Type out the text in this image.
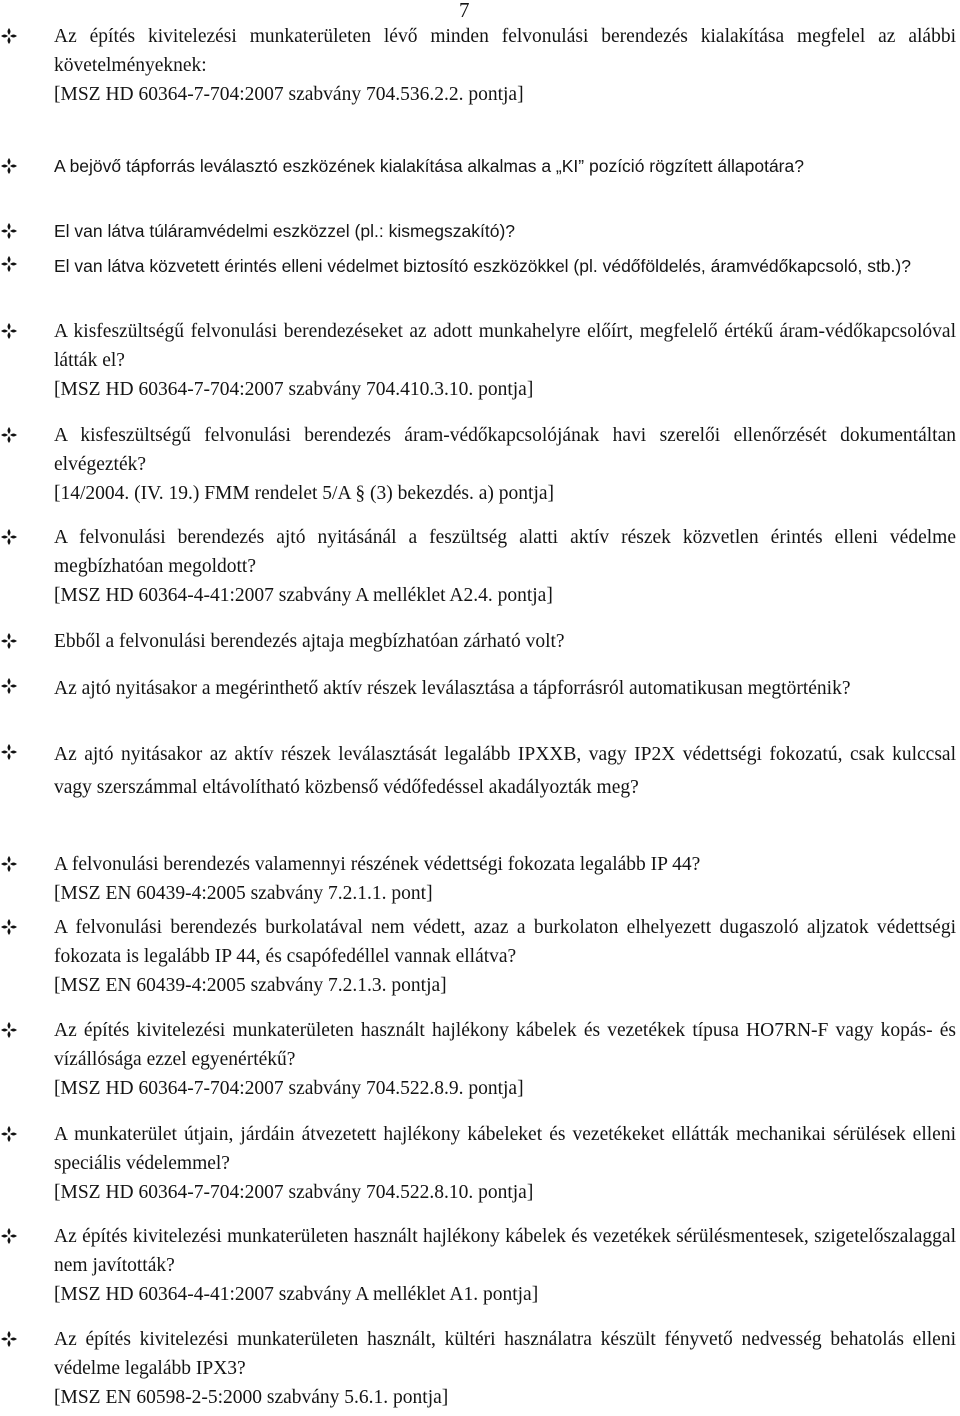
7
Az építés kivitelezési munkaterületen lévő minden felvonulási berendezés kialakítása megfelel az alábbi követelményeknek:
[MSZ HD 60364-7-704:2007 szabvány 704.536.2.2. pontja]
A bejövő tápforrás leválasztó eszközének kialakítása alkalmas a „KI” pozíció rögzített állapotára?
El van látva túláramvédelmi eszközzel (pl.: kismegszakító)?
El van látva közvetett érintés elleni védelmet biztosító eszközökkel (pl. védőföldelés, áramvédőkapcsoló, stb.)?
A kisfeszültségű felvonulási berendezéseket az adott munkahelyre előírt, megfelelő értékű áram-védőkapcsolóval látták el?
[MSZ HD 60364-7-704:2007 szabvány 704.410.3.10. pontja]
A kisfeszültségű felvonulási berendezés áram-védőkapcsolójának havi szerelői ellenőrzését dokumentáltan elvégezték?
[14/2004. (IV. 19.) FMM rendelet 5/A § (3) bekezdés. a) pontja]
A felvonulási berendezés ajtó nyitásánál a feszültség alatti aktív részek közvetlen érintés elleni védelme megbízhatóan megoldott?
[MSZ HD 60364-4-41:2007 szabvány A melléklet A2.4. pontja]
Ebből a felvonulási berendezés ajtaja megbízhatóan zárható volt?
Az ajtó nyitásakor a megérinthető aktív részek leválasztása a tápforrásról automatikusan megtörténik?
Az ajtó nyitásakor az aktív részek leválasztását legalább IPXXB, vagy IP2X védettségi fokozatú, csak kulccsal vagy szerszámmal eltávolítható közbenső védőfedéssel akadályozták meg?
A felvonulási berendezés valamennyi részének védettségi fokozata legalább IP 44?
[MSZ EN 60439-4:2005 szabvány 7.2.1.1. pont]
A felvonulási berendezés burkolatával nem védett, azaz a burkolaton elhelyezett dugaszoló aljzatok védettségi fokozata is legalább IP 44, és csapófedéllel vannak ellátva?
[MSZ EN 60439-4:2005 szabvány 7.2.1.3. pontja]
Az építés kivitelezési munkaterületen használt hajlékony kábelek és vezetékek típusa HO7RN-F vagy kopás- és vízállósága ezzel egyenértékű?
[MSZ HD 60364-7-704:2007 szabvány 704.522.8.9. pontja]
A munkaterület útjain, járdáin átvezetett hajlékony kábeleket és vezetékeket ellátták mechanikai sérülések elleni speciális védelemmel?
[MSZ HD 60364-7-704:2007 szabvány 704.522.8.10. pontja]
Az építés kivitelezési munkaterületen használt hajlékony kábelek és vezetékek sérülésmentesek, szigetelőszalaggal nem javították?
[MSZ HD 60364-4-41:2007 szabvány A melléklet A1. pontja]
Az építés kivitelezési munkaterületen használt, kültéri használatra készült fényvető nedvesség behatolás elleni védelme legalább IPX3?
[MSZ EN 60598-2-5:2000 szabvány 5.6.1. pontja]
